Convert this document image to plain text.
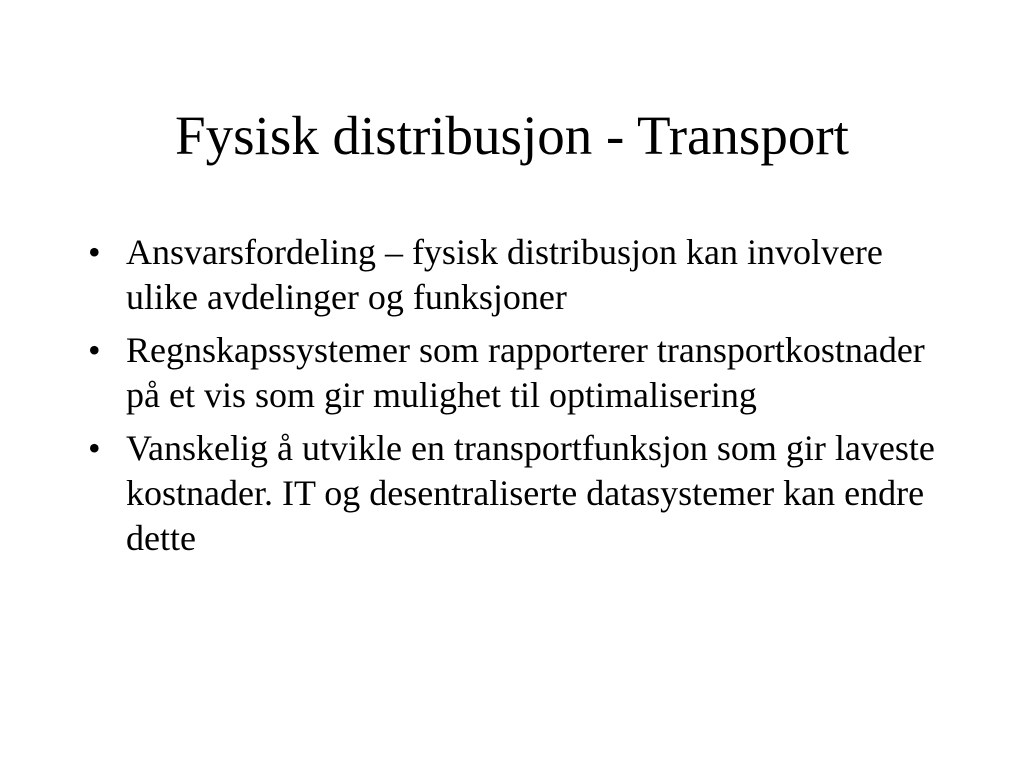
Fysisk distribusjon - Transport
• Ansvarsfordeling – fysisk distribusjon kan involvere ulike avdelinger og funksjoner
• Regnskapssystemer som rapporterer transportkostnader på et vis som gir mulighet til optimalisering
• Vanskelig å utvikle en transportfunksjon som gir laveste kostnader. IT og desentraliserte datasystemer kan endre dette
